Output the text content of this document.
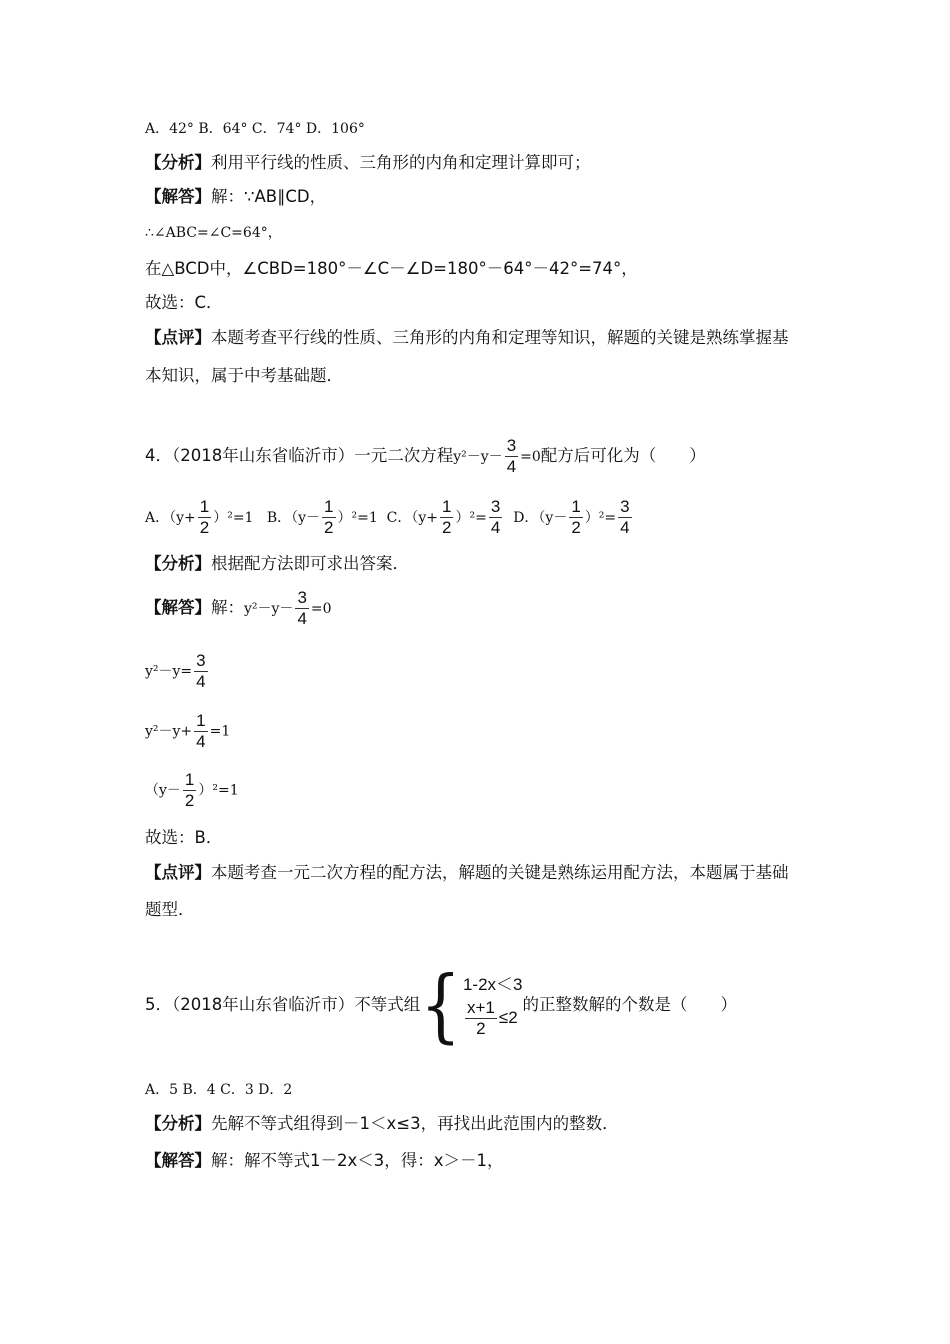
A．42° B．64° C．74° D．106°
【分析】利用平行线的性质、三角形的内角和定理计算即可；
【解答】解：∵AB∥CD，
∴∠ABC=∠C=64°，
在△BCD中，∠CBD=180°－∠C－∠D=180°－64°－42°=74°，
故选：C．
【点评】本题考查平行线的性质、三角形的内角和定理等知识，解题的关键是熟练掌握基
本知识，属于中考基础题．
4．（2018年山东省临沂市）一元二次方程$y^2-y- \frac{3}{4} =0$配方后可化为（　　）
A．$(y+ \frac{1}{2} )^2=1$ B．$(y- \frac{1}{2} )^2=1$ C．$(y+ \frac{1}{2} )^2= \frac{3}{4}$ D．$(y- \frac{1}{2} )^2= \frac{3}{4}$
【分析】根据配方法即可求出答案．
【解答】解：$y^2-y- \frac{3}{4} =0$
$y^2-y= \frac{3}{4}$
$y^2-y+ \frac{1}{4} =1$
$(y- \frac{1}{2} )^2=1$
故选：B．
【点评】本题考查一元二次方程的配方法，解题的关键是熟练运用配方法，本题属于基础
题型．
5．（2018年山东省临沂市）不等式组{ 1-2x＜3
$\frac{x+1}{2} \le 2$
的正整数解的个数是（　　）
A．5 B．4 C．3 D．2
【分析】先解不等式组得到－1＜x≤3，再找出此范围内的整数．
【解答】解：解不等式1－2x＜3，得：x＞－1，
